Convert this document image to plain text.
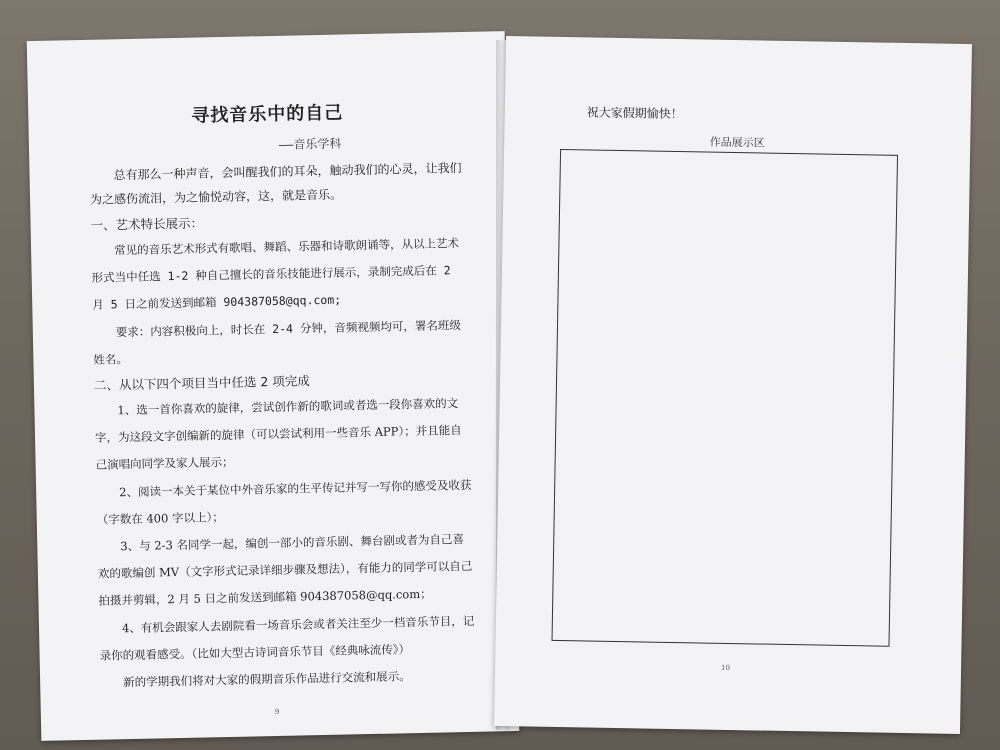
寻找音乐中的自己
——音乐学科
总有那么一种声音，会叫醒我们的耳朵，触动我们的心灵，让我们为之感伤流泪，为之愉悦动容，这，就是音乐。
一、艺术特长展示：
常见的音乐艺术形式有歌唱、舞蹈、乐器和诗歌朗诵等，从以上艺术形式当中任选 1-2 种自己擅长的音乐技能进行展示，录制完成后在 2 月 5 日之前发送到邮箱 904387058@qq.com;
要求：内容积极向上，时长在 2-4 分钟，音频视频均可，署名班级姓名。
二、从以下四个项目当中任选 2 项完成
1、选一首你喜欢的旋律，尝试创作新的歌词或者选一段你喜欢的文字，为这段文字创编新的旋律（可以尝试利用一些音乐 APP）；并且能自己演唱向同学及家人展示；
2、阅读一本关于某位中外音乐家的生平传记并写一写你的感受及收获（字数在 400 字以上）；
3、与 2-3 名同学一起，编创一部小的音乐剧、舞台剧或者为自己喜欢的歌编创 MV（文字形式记录详细步骤及想法），有能力的同学可以自己拍摄并剪辑，2 月 5 日之前发送到邮箱 904387058@qq.com；
4、有机会跟家人去剧院看一场音乐会或者关注至少一档音乐节目，记录你的观看感受。（比如大型古诗词音乐节目《经典咏流传》）
新的学期我们将对大家的假期音乐作品进行交流和展示。
9
祝大家假期愉快！
作品展示区
10
